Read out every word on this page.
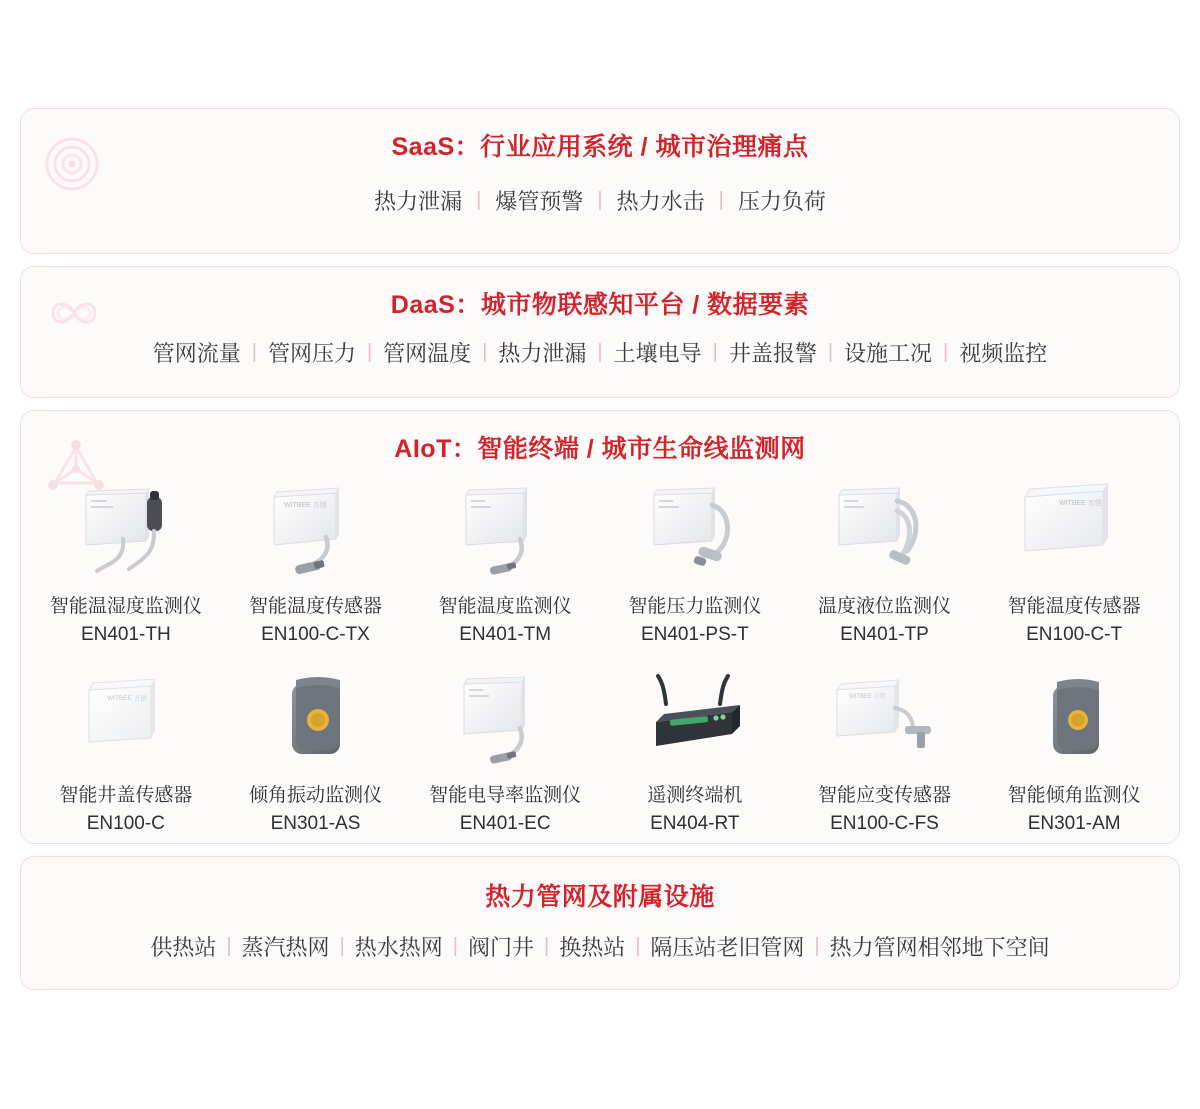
SaaS：行业应用系统 / 城市治理痛点
热力泄漏 | 爆管预警 | 热力水击 | 压力负荷
DaaS：城市物联感知平台 / 数据要素
管网流量 | 管网压力 | 管网温度 | 热力泄漏 | 土壤电导 | 井盖报警 | 设施工况 | 视频监控
AIoT：智能终端 / 城市生命线监测网
智能温湿度监测仪
EN401-TH
WITBEE 万创
智能温度传感器
EN100-C-TX
智能温度监测仪
EN401-TM
智能压力监测仪
EN401-PS-T
温度液位监测仪
EN401-TP
WITBEE 万创
智能温度传感器
EN100-C-T
WITBEE 万创
智能井盖传感器
EN100-C
倾角振动监测仪
EN301-AS
智能电导率监测仪
EN401-EC
遥测终端机
EN404-RT
WITBEE 万创
智能应变传感器
EN100-C-FS
智能倾角监测仪
EN301-AM
热力管网及附属设施
供热站 | 蒸汽热网 | 热水热网 | 阀门井 | 换热站 | 隔压站老旧管网 | 热力管网相邻地下空间
